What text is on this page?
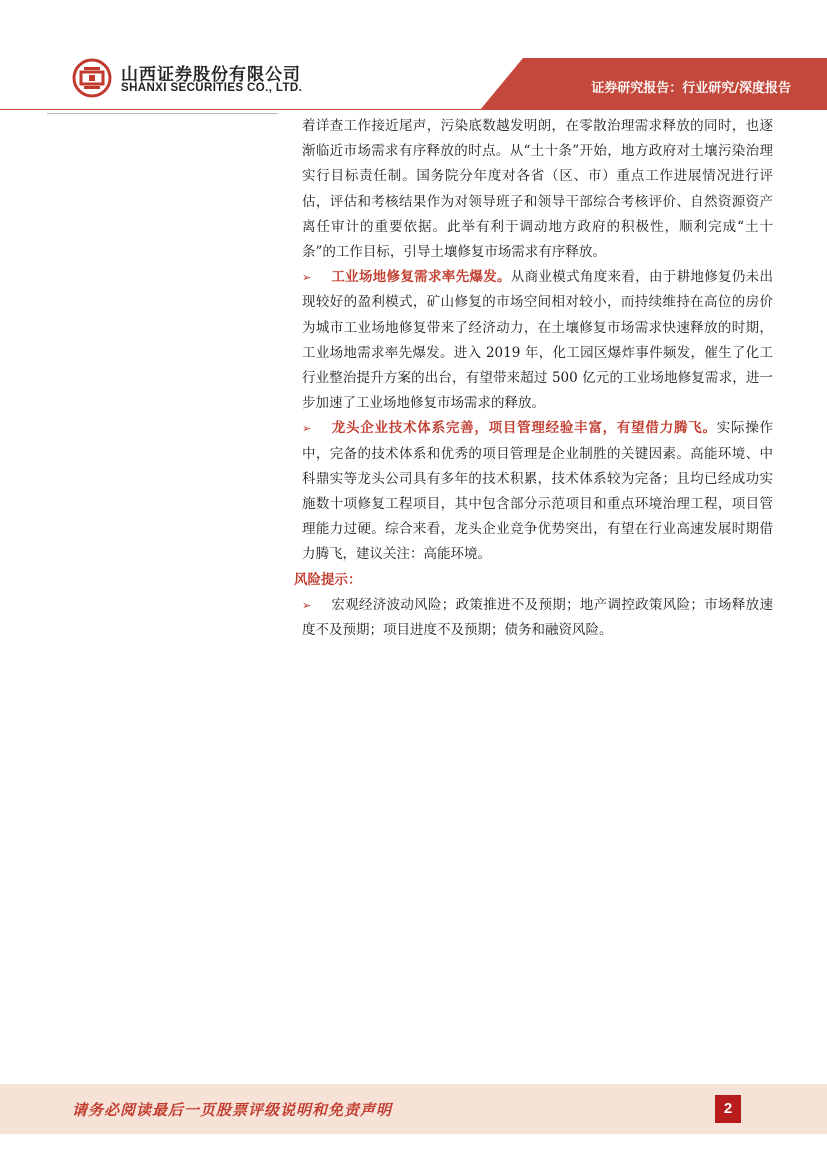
山西证券股份有限公司
SHANXI SECURITIES CO., LTD.	证券研究报告：行业研究/深度报告

着详查工作接近尾声，污染底数越发明朗，在零散治理需求释放的同时，也逐渐临近市场需求有序释放的时点。从“土十条”开始，地方政府对土壤污染治理实行目标责任制。国务院分年度对各省（区、市）重点工作进展情况进行评估，评估和考核结果作为对领导班子和领导干部综合考核评价、自然资源资产离任审计的重要依据。此举有利于调动地方政府的积极性，顺利完成“土十条”的工作目标，引导土壤修复市场需求有序释放。

➢ 工业场地修复需求率先爆发。从商业模式角度来看，由于耕地修复仍未出现较好的盈利模式，矿山修复的市场空间相对较小，而持续维持在高位的房价为城市工业场地修复带来了经济动力，在土壤修复市场需求快速释放的时期，工业场地需求率先爆发。进入 2019 年，化工园区爆炸事件频发，催生了化工行业整治提升方案的出台，有望带来超过 500 亿元的工业场地修复需求，进一步加速了工业场地修复市场需求的释放。

➢ 龙头企业技术体系完善，项目管理经验丰富，有望借力腾飞。实际操作中，完备的技术体系和优秀的项目管理是企业制胜的关键因素。高能环境、中科鼎实等龙头公司具有多年的技术积累，技术体系较为完备；且均已经成功实施数十项修复工程项目，其中包含部分示范项目和重点环境治理工程，项目管理能力过硬。综合来看，龙头企业竞争优势突出，有望在行业高速发展时期借力腾飞，建议关注：高能环境。

风险提示：

➢ 宏观经济波动风险；政策推进不及预期；地产调控政策风险；市场释放速度不及预期；项目进度不及预期；债务和融资风险。

请务必阅读最后一页股票评级说明和免责声明	2
